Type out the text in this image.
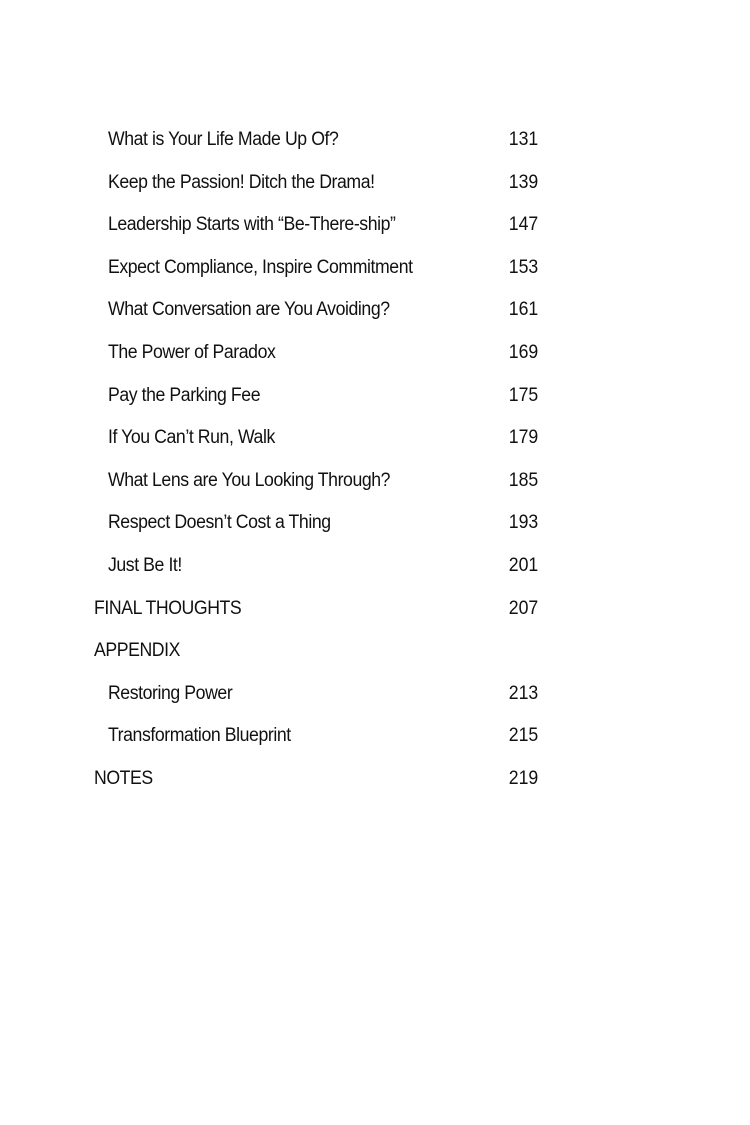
What is Your Life Made Up Of?	131
Keep the Passion! Ditch the Drama!	139
Leadership Starts with “Be-There-ship”	147
Expect Compliance, Inspire Commitment	153
What Conversation are You Avoiding?	161
The Power of Paradox	169
Pay the Parking Fee	175
If You Can’t Run, Walk	179
What Lens are You Looking Through?	185
Respect Doesn’t Cost a Thing	193
Just Be It!	201
FINAL THOUGHTS	207
APPENDIX
Restoring Power	213
Transformation Blueprint	215
NOTES	219
